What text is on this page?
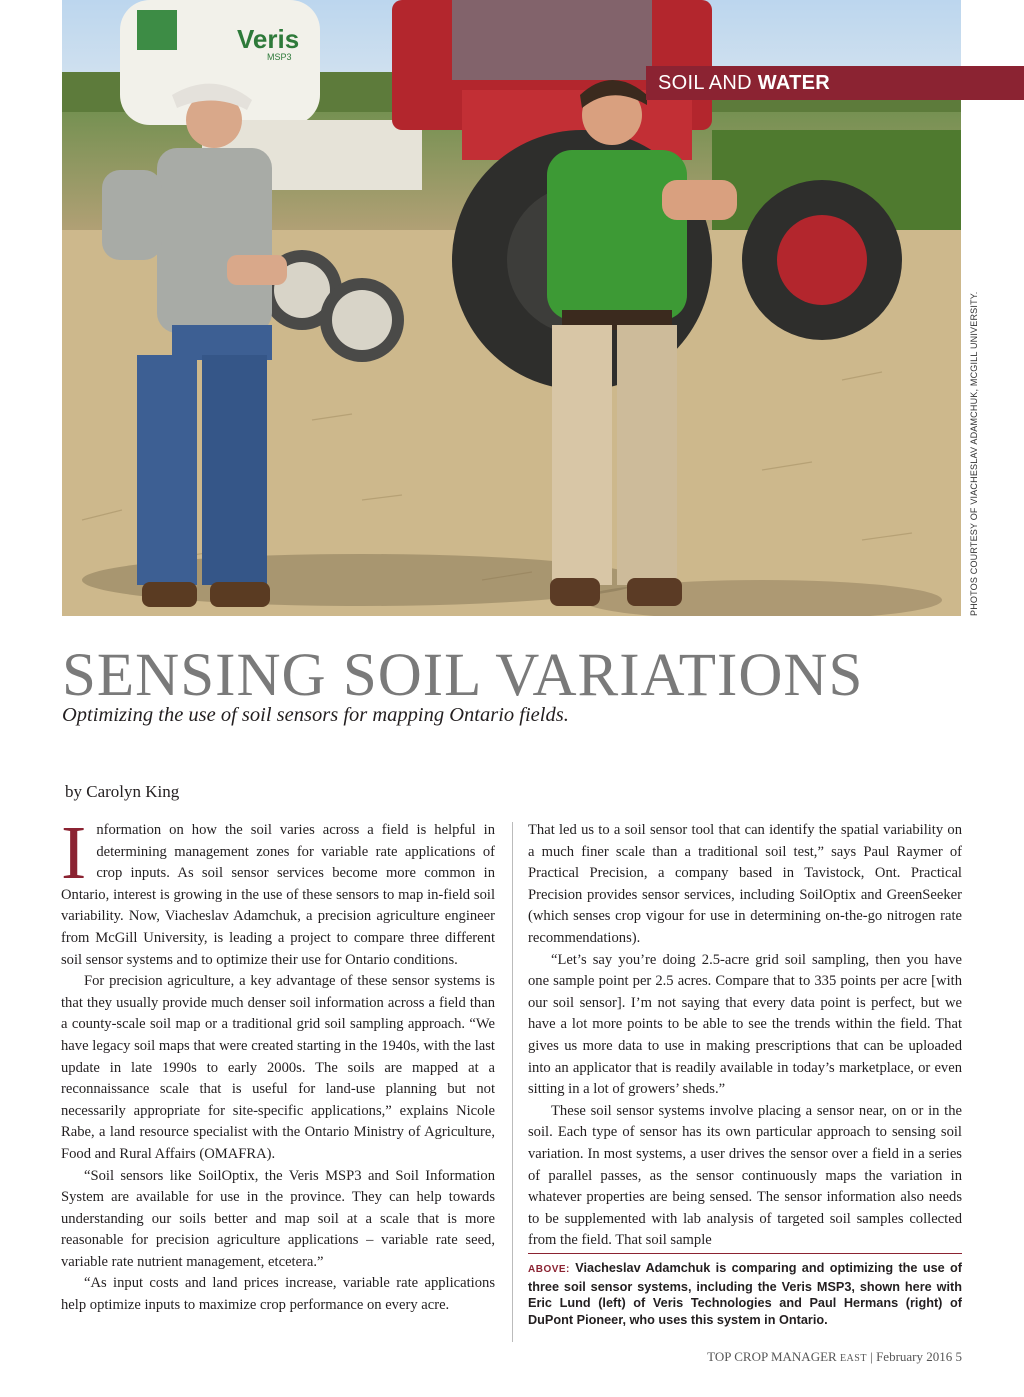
Veris
MSP3
SOIL AND WATER
PHOTOS COURTESY OF VIACHESLAV ADAMCHUK, MCGILL UNIVERSITY.
SENSING SOIL VARIATIONS

Optimizing the use of soil sensors for mapping Ontario fields.

by Carolyn King

Information on how the soil varies across a field is helpful in determining management zones for variable rate applications of crop inputs. As soil sensor services become more common in Ontario, interest is growing in the use of these sensors to map in-field soil variability. Now, Viacheslav Adamchuk, a precision agriculture engineer from McGill University, is leading a project to compare three different soil sensor systems and to optimize their use for Ontario conditions.

For precision agriculture, a key advantage of these sensor systems is that they usually provide much denser soil information across a field than a county-scale soil map or a traditional grid soil sampling approach. “We have legacy soil maps that were created starting in the 1940s, with the last update in late 1990s to early 2000s. The soils are mapped at a reconnaissance scale that is useful for land-use planning but not necessarily appropriate for site-specific applications,” explains Nicole Rabe, a land resource specialist with the Ontario Ministry of Agriculture, Food and Rural Affairs (OMAFRA).

“Soil sensors like SoilOptix, the Veris MSP3 and Soil Information System are available for use in the province. They can help towards understanding our soils better and map soil at a scale that is more reasonable for precision agriculture applications – variable rate seed, variable rate nutrient management, etcetera.”

“As input costs and land prices increase, variable rate applications help optimize inputs to maximize crop performance on every acre.

That led us to a soil sensor tool that can identify the spatial variability on a much finer scale than a traditional soil test,” says Paul Raymer of Practical Precision, a company based in Tavistock, Ont. Practical Precision provides sensor services, including SoilOptix and GreenSeeker (which senses crop vigour for use in determining on-the-go nitrogen rate recommendations).

“Let’s say you’re doing 2.5-acre grid soil sampling, then you have one sample point per 2.5 acres. Compare that to 335 points per acre [with our soil sensor]. I’m not saying that every data point is perfect, but we have a lot more points to be able to see the trends within the field. That gives us more data to use in making prescriptions that can be uploaded into an applicator that is readily available in today’s marketplace, or even sitting in a lot of growers’ sheds.”

These soil sensor systems involve placing a sensor near, on or in the soil. Each type of sensor has its own particular approach to sensing soil variation. In most systems, a user drives the sensor over a field in a series of parallel passes, as the sensor continuously maps the variation in whatever properties are being sensed. The sensor information also needs to be supplemented with lab analysis of targeted soil samples collected from the field. That soil sample

ABOVE: Viacheslav Adamchuk is comparing and optimizing the use of three soil sensor systems, including the Veris MSP3, shown here with Eric Lund (left) of Veris Technologies and Paul Hermans (right) of DuPont Pioneer, who uses this system in Ontario.
TOP CROP MANAGER EAST | February 2016 5
